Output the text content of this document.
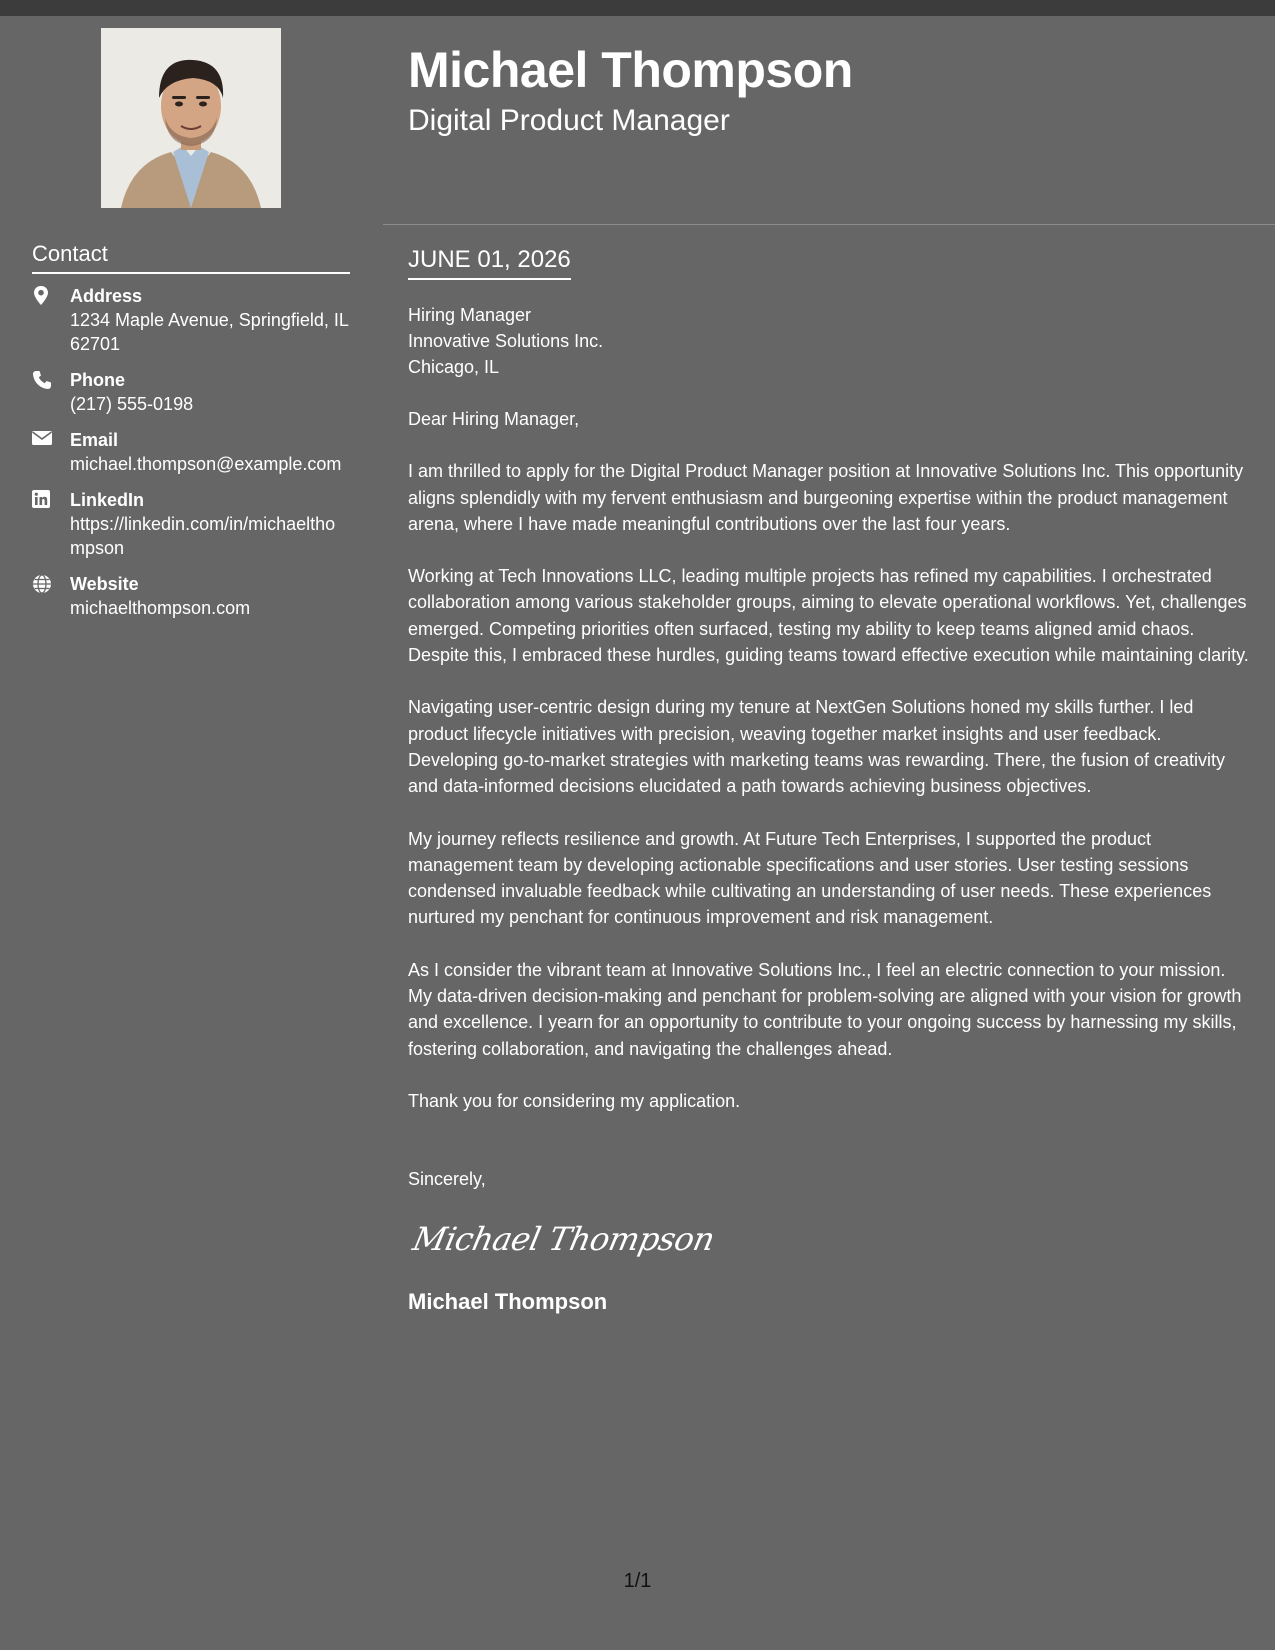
Contact
Address
1234 Maple Avenue, Springfield, IL 62701
Phone
(217) 555-0198
Email
michael.thompson@example.com
LinkedIn
https://linkedin.com/in/michaelthompson
Website
michaelthompson.com
Michael Thompson
Digital Product Manager
JUNE 01, 2026
Hiring Manager
Innovative Solutions Inc.
Chicago, IL
Dear Hiring Manager,
I am thrilled to apply for the Digital Product Manager position at Innovative Solutions Inc. This opportunity aligns splendidly with my fervent enthusiasm and burgeoning expertise within the product management arena, where I have made meaningful contributions over the last four years.
Working at Tech Innovations LLC, leading multiple projects has refined my capabilities. I orchestrated collaboration among various stakeholder groups, aiming to elevate operational workflows. Yet, challenges emerged. Competing priorities often surfaced, testing my ability to keep teams aligned amid chaos. Despite this, I embraced these hurdles, guiding teams toward effective execution while maintaining clarity.
Navigating user-centric design during my tenure at NextGen Solutions honed my skills further. I led product lifecycle initiatives with precision, weaving together market insights and user feedback. Developing go-to-market strategies with marketing teams was rewarding. There, the fusion of creativity and data-informed decisions elucidated a path towards achieving business objectives.
My journey reflects resilience and growth. At Future Tech Enterprises, I supported the product management team by developing actionable specifications and user stories. User testing sessions condensed invaluable feedback while cultivating an understanding of user needs. These experiences nurtured my penchant for continuous improvement and risk management.
As I consider the vibrant team at Innovative Solutions Inc., I feel an electric connection to your mission. My data-driven decision-making and penchant for problem-solving are aligned with your vision for growth and excellence. I yearn for an opportunity to contribute to your ongoing success by harnessing my skills, fostering collaboration, and navigating the challenges ahead.
Thank you for considering my application.
Sincerely,
Michael Thompson
Michael Thompson
1/1
